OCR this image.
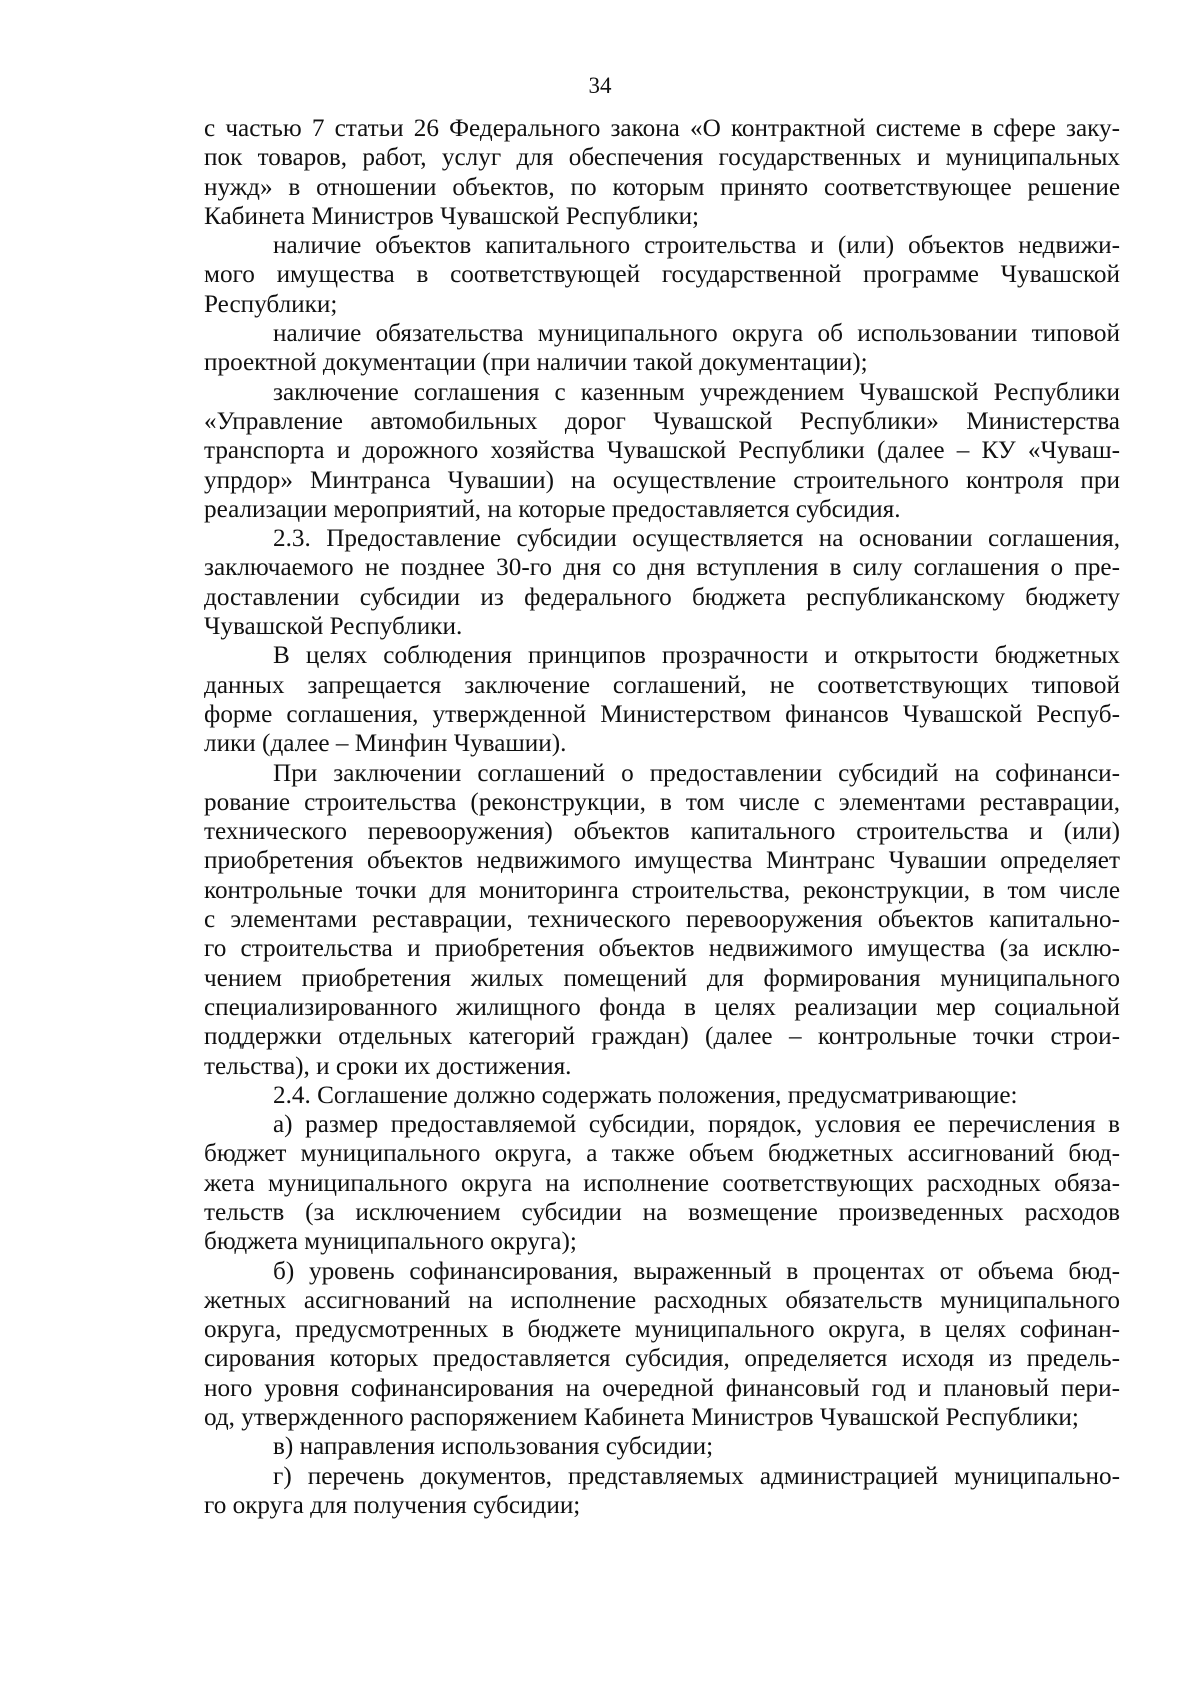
34
с частью 7 статьи 26 Федерального закона «О контрактной системе в сфере заку-
пок товаров, работ, услуг для обеспечения государственных и муниципальных
нужд» в отношении объектов, по которым принято соответствующее решение
Кабинета Министров Чувашской Республики;
наличие объектов капитального строительства и (или) объектов недвижи-
мого имущества в соответствующей государственной программе Чувашской
Республики;
наличие обязательства муниципального округа об использовании типовой
проектной документации (при наличии такой документации);
заключение соглашения с казенным учреждением Чувашской Республики
«Управление автомобильных дорог Чувашской Республики» Министерства
транспорта и дорожного хозяйства Чувашской Республики (далее – КУ «Чуваш-
упрдор» Минтранса Чувашии) на осуществление строительного контроля при
реализации мероприятий, на которые предоставляется субсидия.
2.3. Предоставление субсидии осуществляется на основании соглашения,
заключаемого не позднее 30-го дня со дня вступления в силу соглашения о пре-
доставлении субсидии из федерального бюджета республиканскому бюджету
Чувашской Республики.
В целях соблюдения принципов прозрачности и открытости бюджетных
данных запрещается заключение соглашений, не соответствующих типовой
форме соглашения, утвержденной Министерством финансов Чувашской Респуб-
лики (далее – Минфин Чувашии).
При заключении соглашений о предоставлении субсидий на софинанси-
рование строительства (реконструкции, в том числе с элементами реставрации,
технического перевооружения) объектов капитального строительства и (или)
приобретения объектов недвижимого имущества Минтранс Чувашии определяет
контрольные точки для мониторинга строительства, реконструкции, в том числе
с элементами реставрации, технического перевооружения объектов капитально-
го строительства и приобретения объектов недвижимого имущества (за исклю-
чением приобретения жилых помещений для формирования муниципального
специализированного жилищного фонда в целях реализации мер социальной
поддержки отдельных категорий граждан) (далее – контрольные точки строи-
тельства), и сроки их достижения.
2.4. Соглашение должно содержать положения, предусматривающие:
а) размер предоставляемой субсидии, порядок, условия ее перечисления в
бюджет муниципального округа, а также объем бюджетных ассигнований бюд-
жета муниципального округа на исполнение соответствующих расходных обяза-
тельств (за исключением субсидии на возмещение произведенных расходов
бюджета муниципального округа);
б) уровень софинансирования, выраженный в процентах от объема бюд-
жетных ассигнований на исполнение расходных обязательств муниципального
округа, предусмотренных в бюджете муниципального округа, в целях софинан-
сирования которых предоставляется субсидия, определяется исходя из предель-
ного уровня софинансирования на очередной финансовый год и плановый пери-
од, утвержденного распоряжением Кабинета Министров Чувашской Республики;
в) направления использования субсидии;
г) перечень документов, представляемых администрацией муниципально-
го округа для получения субсидии;
